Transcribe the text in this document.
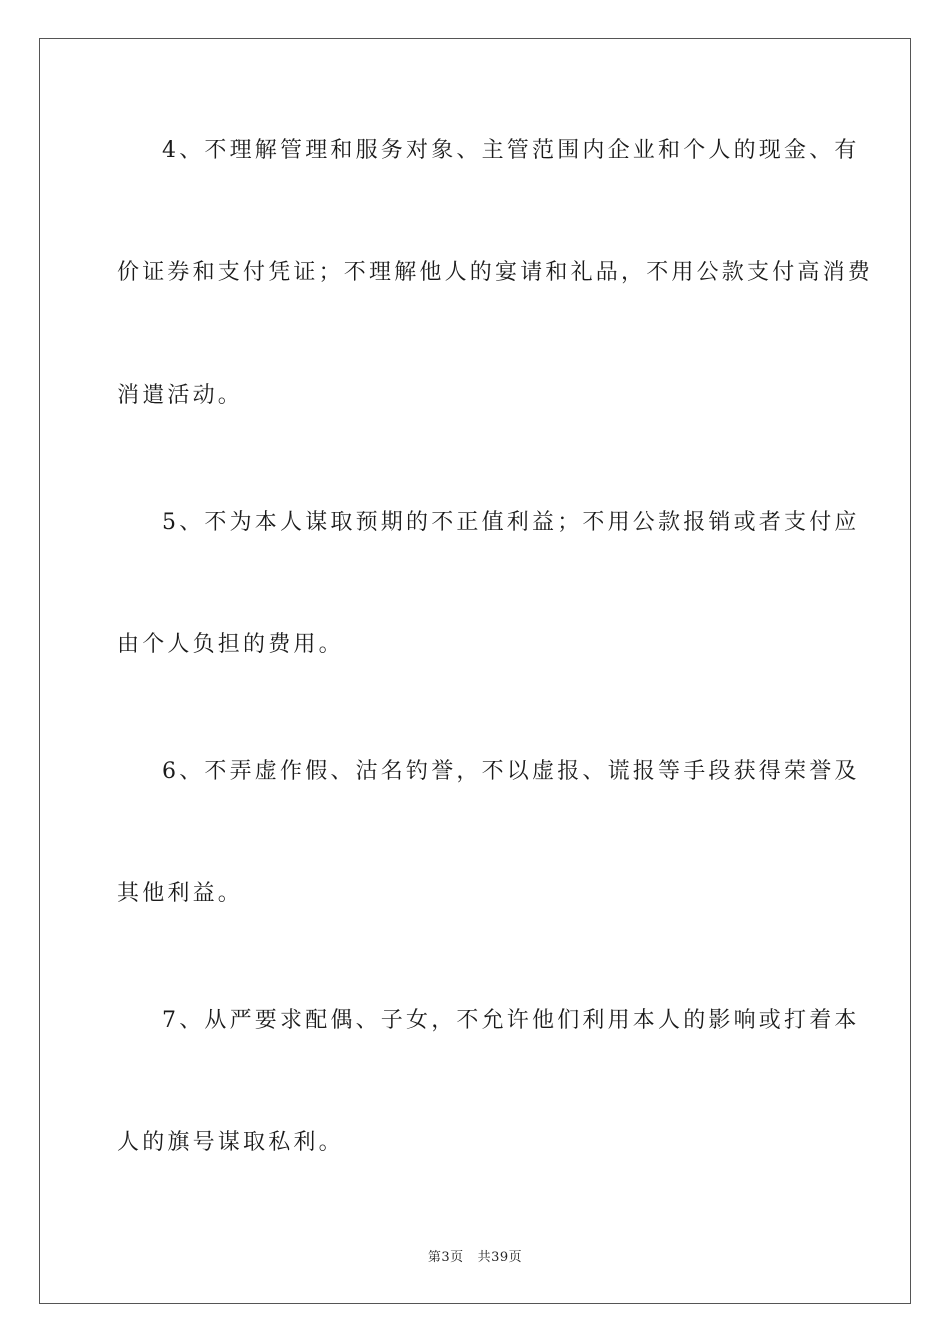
4、不理解管理和服务对象、主管范围内企业和个人的现金、有
价证券和支付凭证；不理解他人的宴请和礼品，不用公款支付高消费
消遣活动。
5、不为本人谋取预期的不正值利益；不用公款报销或者支付应
由个人负担的费用。
6、不弄虚作假、沽名钓誉，不以虚报、谎报等手段获得荣誉及
其他利益。
7、从严要求配偶、子女，不允许他们利用本人的影响或打着本
人的旗号谋取私利。
第3页 共39页
